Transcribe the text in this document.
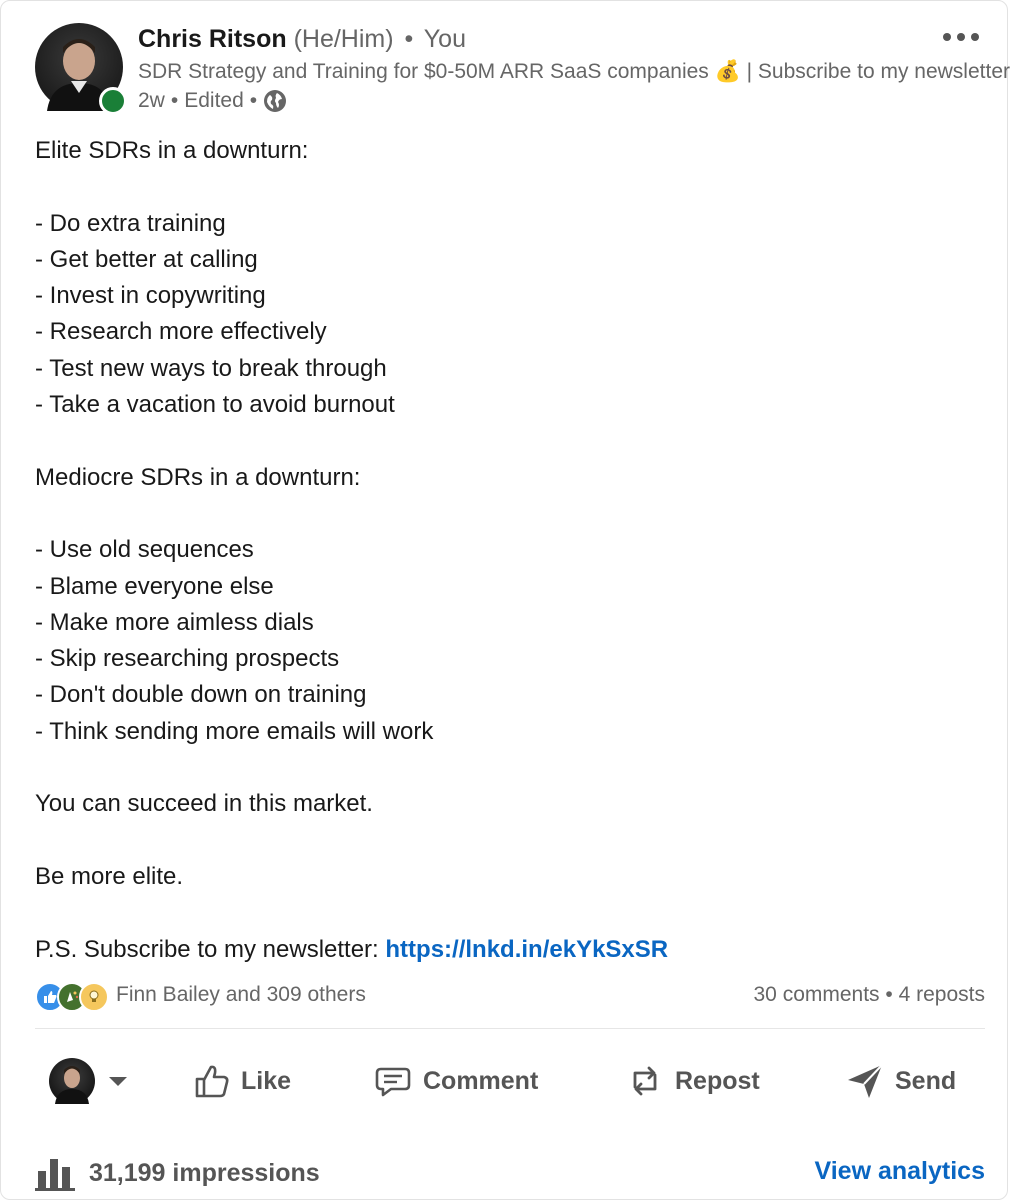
Chris Ritson (He/Him) • You
SDR Strategy and Training for $0-50M ARR SaaS companies 💰 | Subscribe to my newsletter
2w • Edited •
Elite SDRs in a downturn:
- Do extra training
- Get better at calling
- Invest in copywriting
- Research more effectively
- Test new ways to break through
- Take a vacation to avoid burnout
Mediocre SDRs in a downturn:
- Use old sequences
- Blame everyone else
- Make more aimless dials
- Skip researching prospects
- Don't double down on training
- Think sending more emails will work
You can succeed in this market.
Be more elite.
P.S. Subscribe to my newsletter: https://lnkd.in/ekYkSxSR
Finn Bailey and 309 others	30 comments • 4 reposts
Like	Comment	Repost	Send
31,199 impressions	View analytics
